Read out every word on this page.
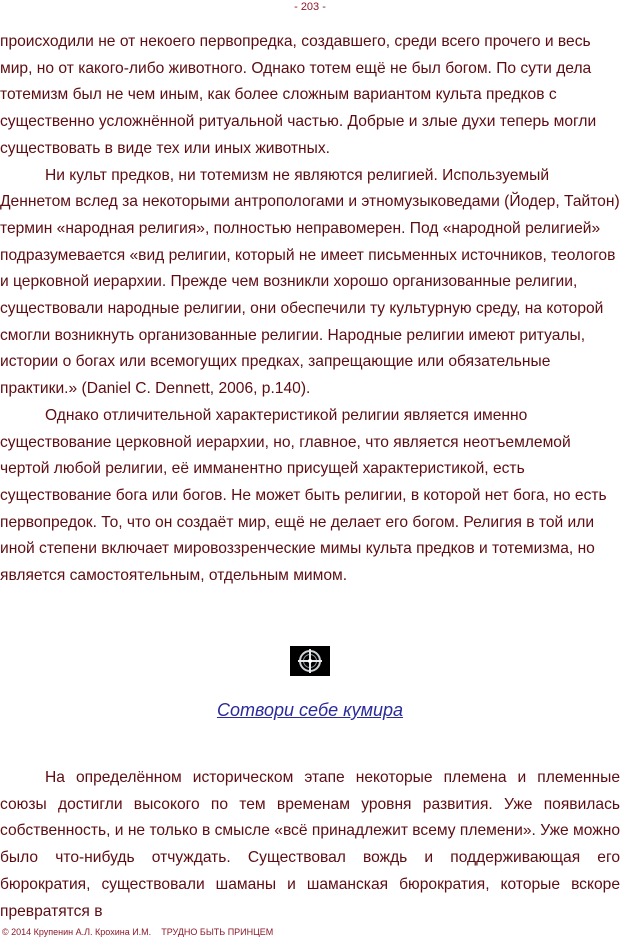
- 203 -

происходили не от некоего первопредка, создавшего, среди всего прочего и весь мир, но от какого-либо животного. Однако тотем ещё не был богом. По сути дела тотемизм был не чем иным, как более сложным вариантом культа предков с существенно усложнённой ритуальной частью. Добрые и злые духи теперь могли существовать в виде тех или иных животных.

Ни культ предков, ни тотемизм не являются религией. Используемый Деннетом вслед за некоторыми антропологами и этномузыковедами (Йодер, Тайтон) термин «народная религия», полностью неправомерен. Под «народной религией» подразумевается «вид религии, который не имеет письменных источников, теологов и церковной иерархии. Прежде чем возникли хорошо организованные религии, существовали народные религии, они обеспечили ту культурную среду, на которой смогли возникнуть организованные религии. Народные религии имеют ритуалы, истории о богах или всемогущих предках, запрещающие или обязательные практики.» (Daniel C. Dennett, 2006, p.140).

Однако отличительной характеристикой религии является именно существование церковной иерархии, но, главное, что является неотъемлемой чертой любой религии, её имманентно присущей характеристикой, есть существование бога или богов. Не может быть религии, в которой нет бога, но есть первопредок. То, что он создаёт мир, ещё не делает его богом. Религия в той или иной степени включает мировоззренческие мимы культа предков и тотемизма, но является самостоятельным, отдельным мимом.

Сотвори себе кумира

На определённом историческом этапе некоторые племена и племенные союзы достигли высокого по тем временам уровня развития. Уже появилась собственность, и не только в смысле «всё принадлежит всему племени». Уже можно было что-нибудь отчуждать. Существовал вождь и поддерживающая его бюрократия, существовали шаманы и шаманская бюрократия, которые вскоре превратятся в

© 2014 Крупенин А.Л. Крохина И.М. ТРУДНО БЫТЬ ПРИНЦЕМ
